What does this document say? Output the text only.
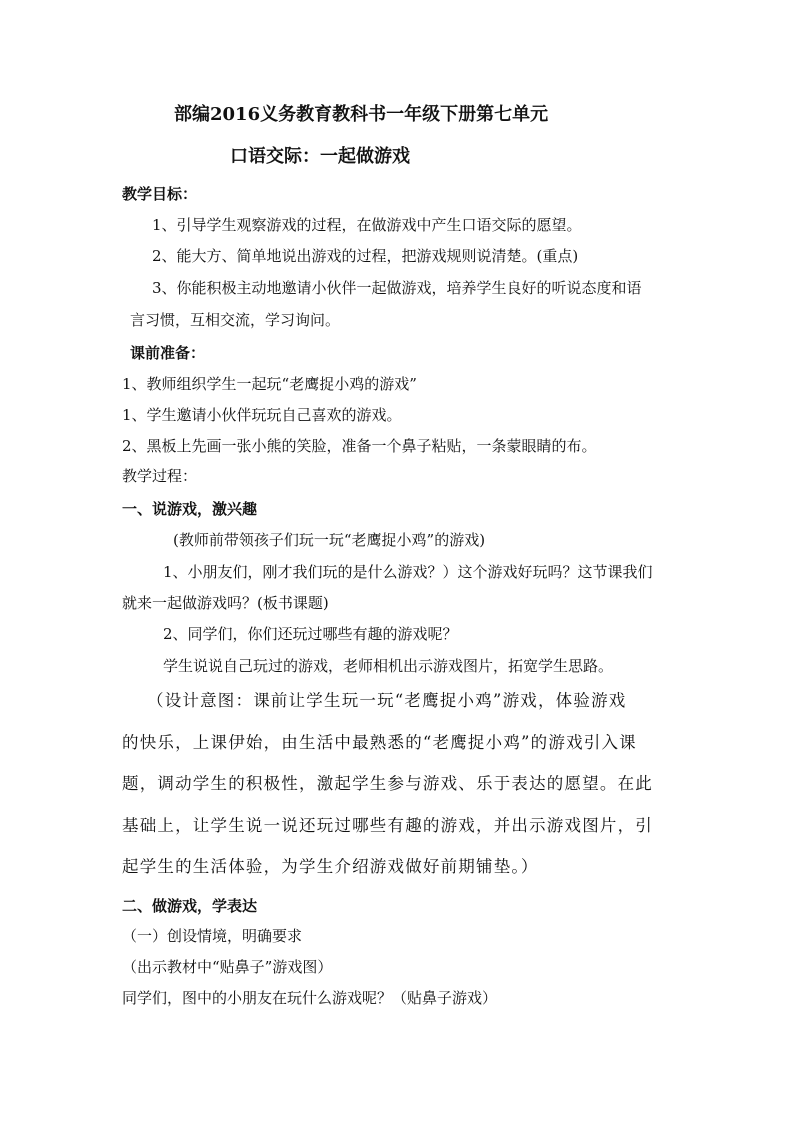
部编2016义务教育教科书一年级下册第七单元
口语交际：一起做游戏
教学目标：
1、引导学生观察游戏的过程，在做游戏中产生口语交际的愿望。
2、能大方、简单地说出游戏的过程，把游戏规则说清楚。(重点)
3、你能积极主动地邀请小伙伴一起做游戏，培养学生良好的听说态度和语
言习惯，互相交流，学习询问。
课前准备：
1、教师组织学生一起玩“老鹰捉小鸡的游戏”
1、学生邀请小伙伴玩玩自己喜欢的游戏。
2、黑板上先画一张小熊的笑脸，准备一个鼻子粘贴，一条蒙眼睛的布。
教学过程：
一、说游戏，激兴趣
(教师前带领孩子们玩一玩“老鹰捉小鸡”的游戏)
1、小朋友们，刚才我们玩的是什么游戏？）这个游戏好玩吗？这节课我们
就来一起做游戏吗？(板书课题)
2、同学们，你们还玩过哪些有趣的游戏呢？
学生说说自己玩过的游戏，老师相机出示游戏图片，拓宽学生思路。
（设计意图：课前让学生玩一玩“老鹰捉小鸡”游戏，体验游戏
的快乐，上课伊始，由生活中最熟悉的“老鹰捉小鸡”的游戏引入课
题，调动学生的积极性，激起学生参与游戏、乐于表达的愿望。在此
基础上，让学生说一说还玩过哪些有趣的游戏，并出示游戏图片，引
起学生的生活体验，为学生介绍游戏做好前期铺垫。）
二、做游戏，学表达
（一）创设情境，明确要求
（出示教材中“贴鼻子”游戏图）
同学们，图中的小朋友在玩什么游戏呢？（贴鼻子游戏）
